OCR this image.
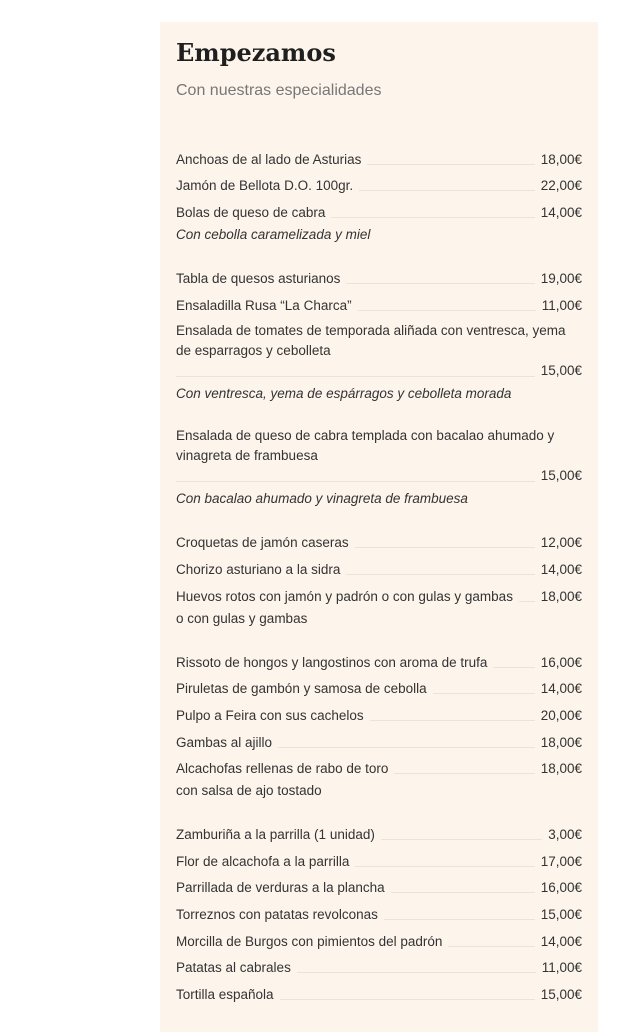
Empezamos
Con nuestras especialidades
Anchoas de al lado de Asturias	18,00€
Jamón de Bellota D.O. 100gr.	22,00€
Bolas de queso de cabra	14,00€
Con cebolla caramelizada y miel
Tabla de quesos asturianos	19,00€
Ensaladilla Rusa “La Charca”	11,00€
Ensalada de tomates de temporada aliñada con ventresca, yema de esparragos y cebolleta
15,00€
Con ventresca, yema de espárragos y cebolleta morada
Ensalada de queso de cabra templada con bacalao ahumado y vinagreta de frambuesa
15,00€
Con bacalao ahumado y vinagreta de frambuesa
Croquetas de jamón caseras	12,00€
Chorizo asturiano a la sidra	14,00€
Huevos rotos con jamón y padrón o con gulas y gambas 18,00€
o con gulas y gambas
Rissoto de hongos y langostinos con aroma de trufa	16,00€
Piruletas de gambón y samosa de cebolla	14,00€
Pulpo a Feira con sus cachelos	20,00€
Gambas al ajillo	18,00€
Alcachofas rellenas de rabo de toro	18,00€
con salsa de ajo tostado
Zamburiña a la parrilla (1 unidad)	3,00€
Flor de alcachofa a la parrilla	17,00€
Parrillada de verduras a la plancha	16,00€
Torreznos con patatas revolconas	15,00€
Morcilla de Burgos con pimientos del padrón	14,00€
Patatas al cabrales	11,00€
Tortilla española	15,00€
